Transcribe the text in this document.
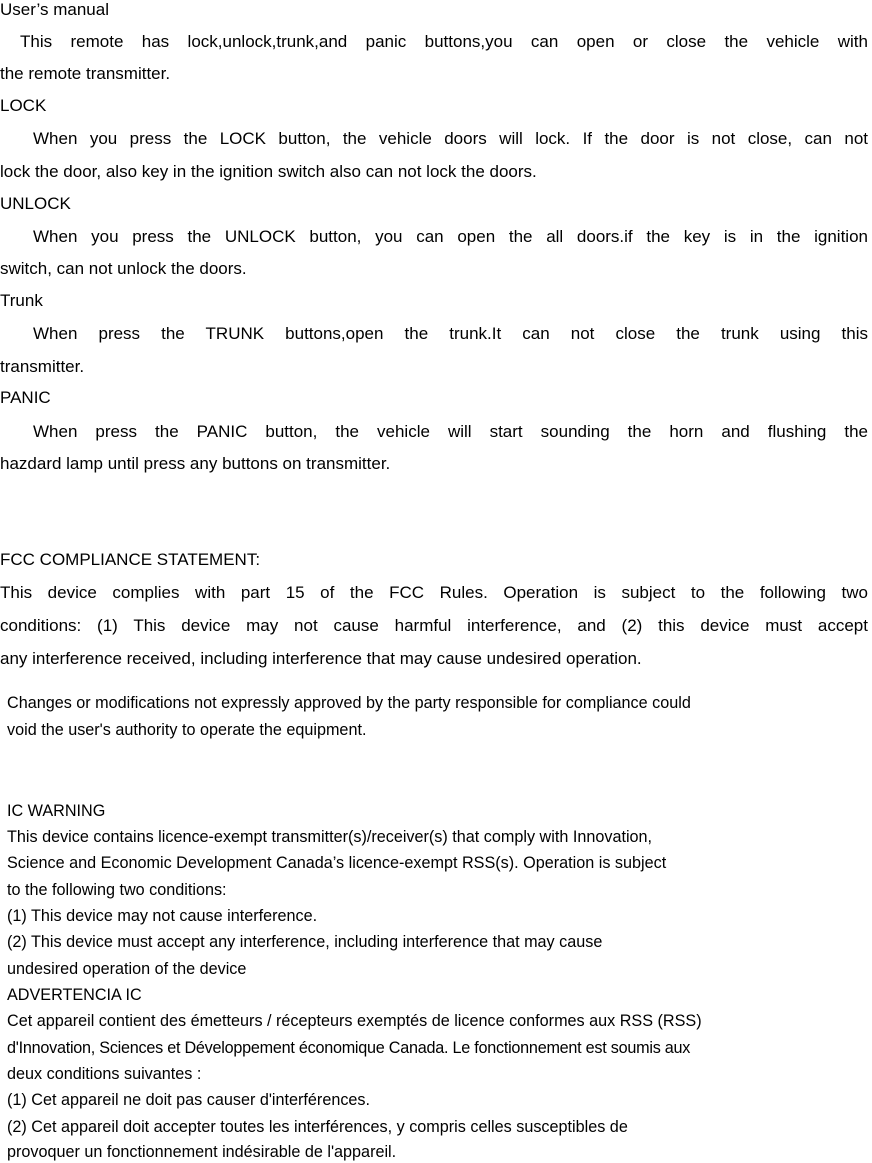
User’s manual
This remote has lock,unlock,trunk,and panic buttons,you can open or close the vehicle with
the remote transmitter.
LOCK
When you press the LOCK button, the vehicle doors will lock. If the door is not close, can not
lock the door, also key in the ignition switch also can not lock the doors.
UNLOCK
When you press the UNLOCK button, you can open the all doors.if the key is in the ignition
switch, can not unlock the doors.
Trunk
When press the TRUNK buttons,open the trunk.It can not close the trunk using this
transmitter.
PANIC
When press the PANIC button, the vehicle will start sounding the horn and flushing the
hazdard lamp until press any buttons on transmitter.
FCC COMPLIANCE STATEMENT:
This device complies with part 15 of the FCC Rules. Operation is subject to the following two
conditions: (1) This device may not cause harmful interference, and (2) this device must accept
any interference received, including interference that may cause undesired operation.
Changes or modifications not expressly approved by the party responsible for compliance could
void the user's authority to operate the equipment.
IC WARNING
This device contains licence-exempt transmitter(s)/receiver(s) that comply with Innovation,
Science and Economic Development Canada’s licence-exempt RSS(s). Operation is subject
to the following two conditions:
(1) This device may not cause interference.
(2) This device must accept any interference, including interference that may cause
undesired operation of the device
ADVERTENCIA IC
Cet appareil contient des émetteurs / récepteurs exemptés de licence conformes aux RSS (RSS)
d'Innovation, Sciences et Développement économique Canada. Le fonctionnement est soumis aux
deux conditions suivantes :
(1) Cet appareil ne doit pas causer d'interférences.
(2) Cet appareil doit accepter toutes les interférences, y compris celles susceptibles de
provoquer un fonctionnement indésirable de l'appareil.
